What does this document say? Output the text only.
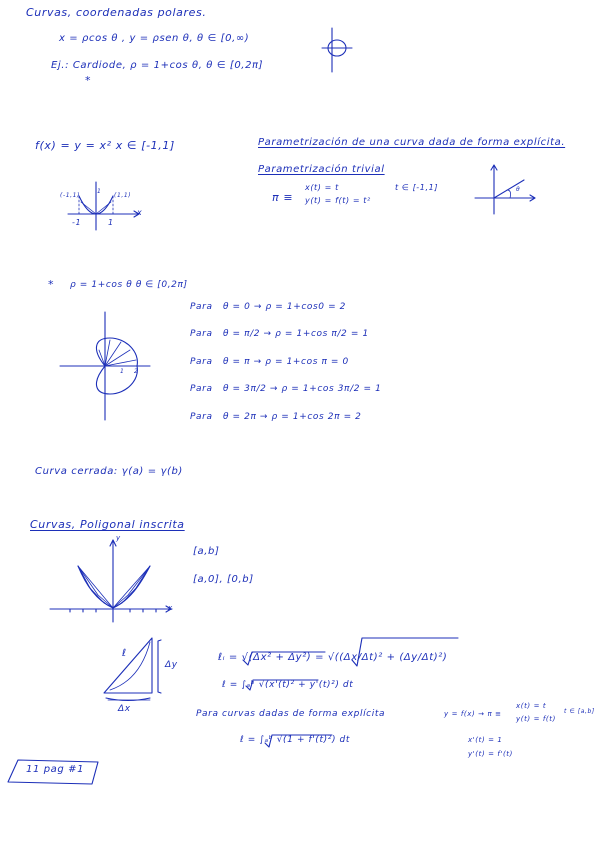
Curvas, coordenadas polares.
x = ρcos θ , y = ρsen θ, θ ∈ [0,∞)
Ej.: Cardiode, ρ = 1+cos θ, θ ∈ [0,2π]
*
f(x) = y = x² x ∈ [-1,1]
(-1,1)	(1,1)
1
-1	1
x
Parametrización de una curva dada de forma explícita.
Parametrización trivial
π ≡
x(t) = t
y(t) = f(t) = t²
t ∈ [-1,1]	θ
* ρ = 1+cos θ θ ∈ [0,2π]
1 2
Para θ = 0 → ρ = 1+cos0 = 2
Para θ = π/2 → ρ = 1+cos π/2 = 1
Para θ = π → ρ = 1+cos π = 0
Para θ = 3π/2 → ρ = 1+cos 3π/2 = 1
Para θ = 2π → ρ = 1+cos 2π = 2
Curva cerrada: γ(a) = γ(b)
Curvas, Poligonal inscrita
y
x
[a,b]
[a,0], [0,b]
ℓ
Δy
Δx
ℓᵢ = √(Δx² + Δy²) = √((Δx/Δt)² + (Δy/Δt)²)
ℓ = ∫ₐᵇ √(x'(t)² + y'(t)²) dt
Para curvas dadas de forma explícita
ℓ = ∫ₐᵇ √(1 + f'(t)²) dt
y = f(x) → π ≡
x(t) = t
y(t) = f(t)
t ∈ [a,b]
x'(t) = 1
y'(t) = f'(t)
11 pag #1
